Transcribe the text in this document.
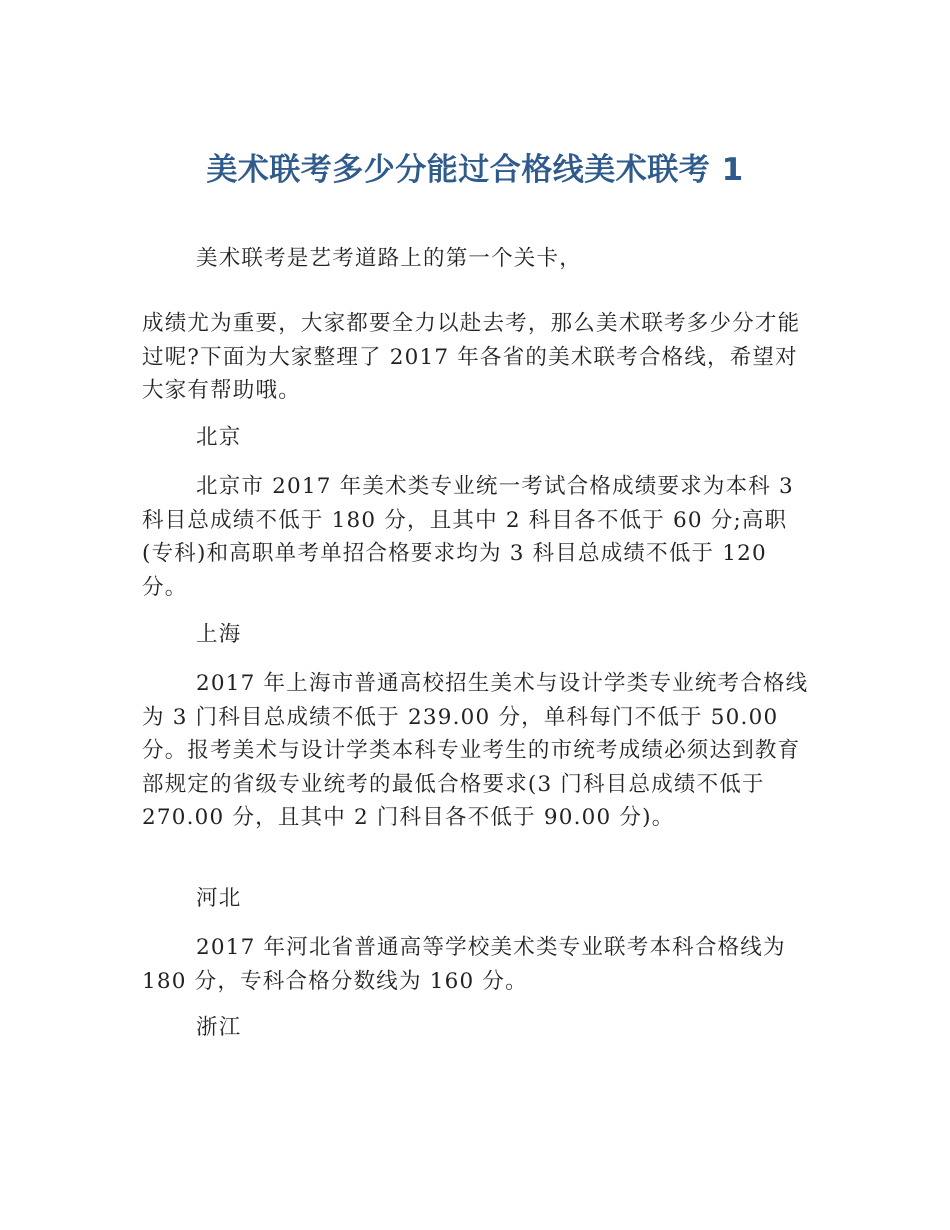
美术联考多少分能过合格线美术联考 1

美术联考是艺考道路上的第一个关卡，

成绩尤为重要，大家都要全力以赴去考，那么美术联考多少分才能过呢?下面为大家整理了 2017 年各省的美术联考合格线，希望对大家有帮助哦。

北京

北京市 2017 年美术类专业统一考试合格成绩要求为本科 3 科目总成绩不低于 180 分，且其中 2 科目各不低于 60 分;高职(专科)和高职单考单招合格要求均为 3 科目总成绩不低于 120 分。

上海

2017 年上海市普通高校招生美术与设计学类专业统考合格线为 3 门科目总成绩不低于 239.00 分，单科每门不低于 50.00 分。报考美术与设计学类本科专业考生的市统考成绩必须达到教育部规定的省级专业统考的最低合格要求(3 门科目总成绩不低于 270.00 分，且其中 2 门科目各不低于 90.00 分)。

河北

2017 年河北省普通高等学校美术类专业联考本科合格线为 180 分，专科合格分数线为 160 分。

浙江
